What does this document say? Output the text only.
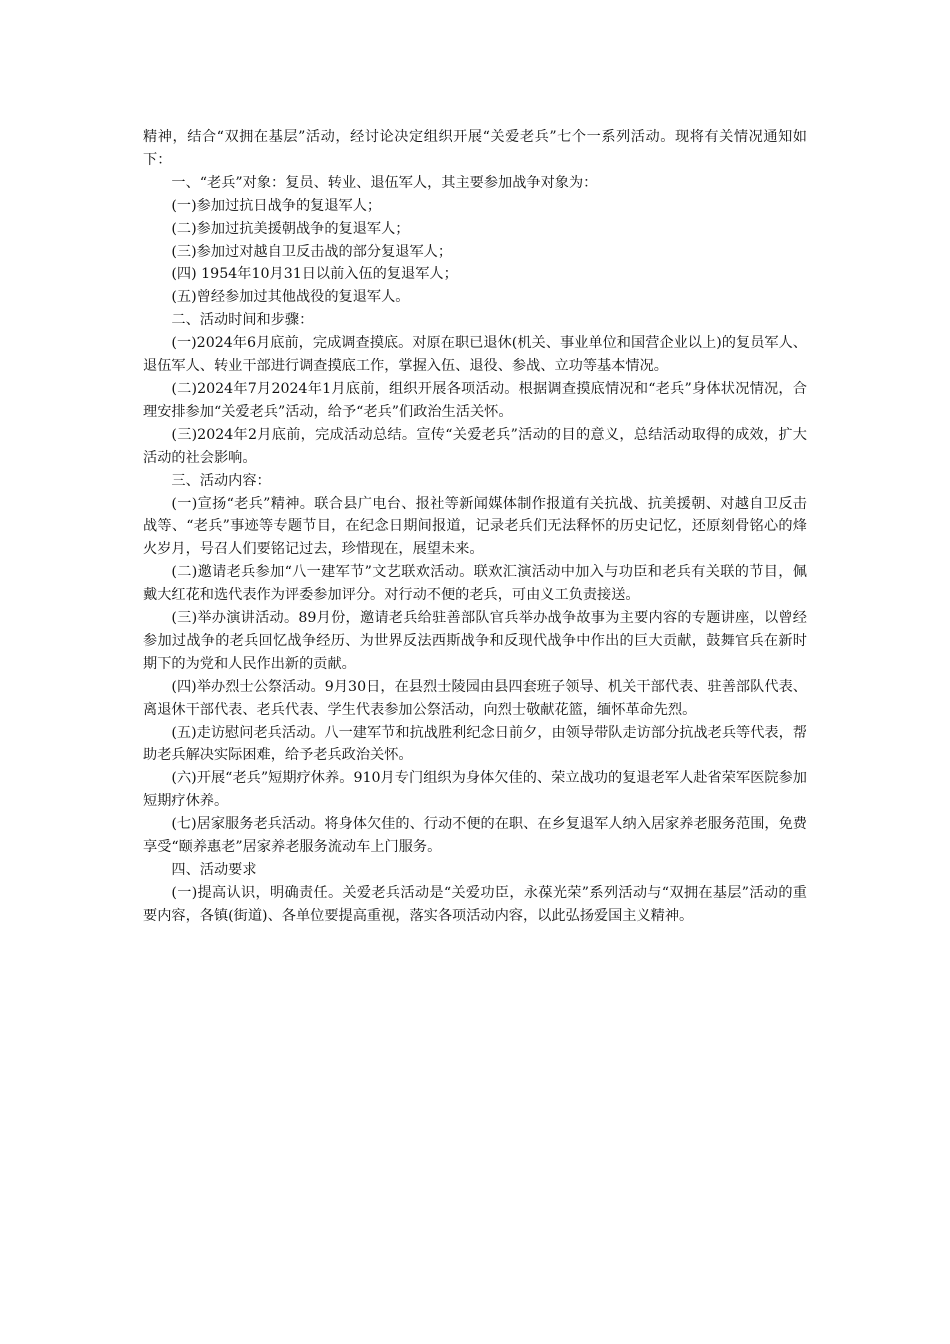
精神，结合“双拥在基层”活动，经讨论决定组织开展“关爱老兵”七个一系列活动。现将有关情况通知如下：

一、“老兵”对象：复员、转业、退伍军人，其主要参加战争对象为：

(一)参加过抗日战争的复退军人；

(二)参加过抗美援朝战争的复退军人；

(三)参加过对越自卫反击战的部分复退军人；

(四) 1954年10月31日以前入伍的复退军人；

(五)曾经参加过其他战役的复退军人。

二、活动时间和步骤：

(一)2024年6月底前，完成调查摸底。对原在职已退休(机关、事业单位和国营企业以上)的复员军人、退伍军人、转业干部进行调查摸底工作，掌握入伍、退役、参战、立功等基本情况。

(二)2024年7月2024年1月底前，组织开展各项活动。根据调查摸底情况和“老兵”身体状况情况，合理安排参加“关爱老兵”活动，给予“老兵”们政治生活关怀。

(三)2024年2月底前，完成活动总结。宣传“关爱老兵”活动的目的意义，总结活动取得的成效，扩大活动的社会影响。

三、活动内容：

(一)宣扬“老兵”精神。联合县广电台、报社等新闻媒体制作报道有关抗战、抗美援朝、对越自卫反击战等、“老兵”事迹等专题节目，在纪念日期间报道，记录老兵们无法释怀的历史记忆，还原刻骨铭心的烽火岁月，号召人们要铭记过去，珍惜现在，展望未来。

(二)邀请老兵参加“八一建军节”文艺联欢活动。联欢汇演活动中加入与功臣和老兵有关联的节目，佩戴大红花和选代表作为评委参加评分。对行动不便的老兵，可由义工负责接送。

(三)举办演讲活动。89月份，邀请老兵给驻善部队官兵举办战争故事为主要内容的专题讲座，以曾经参加过战争的老兵回忆战争经历、为世界反法西斯战争和反现代战争中作出的巨大贡献，鼓舞官兵在新时期下的为党和人民作出新的贡献。

(四)举办烈士公祭活动。9月30日，在县烈士陵园由县四套班子领导、机关干部代表、驻善部队代表、离退休干部代表、老兵代表、学生代表参加公祭活动，向烈士敬献花篮，缅怀革命先烈。

(五)走访慰问老兵活动。八一建军节和抗战胜利纪念日前夕，由领导带队走访部分抗战老兵等代表，帮助老兵解决实际困难，给予老兵政治关怀。

(六)开展“老兵”短期疗休养。910月专门组织为身体欠佳的、荣立战功的复退老军人赴省荣军医院参加短期疗休养。

(七)居家服务老兵活动。将身体欠佳的、行动不便的在职、在乡复退军人纳入居家养老服务范围，免费享受“颐养惠老”居家养老服务流动车上门服务。

四、活动要求

(一)提高认识，明确责任。关爱老兵活动是“关爱功臣，永葆光荣”系列活动与“双拥在基层”活动的重要内容，各镇(街道)、各单位要提高重视，落实各项活动内容，以此弘扬爱国主义精神。
